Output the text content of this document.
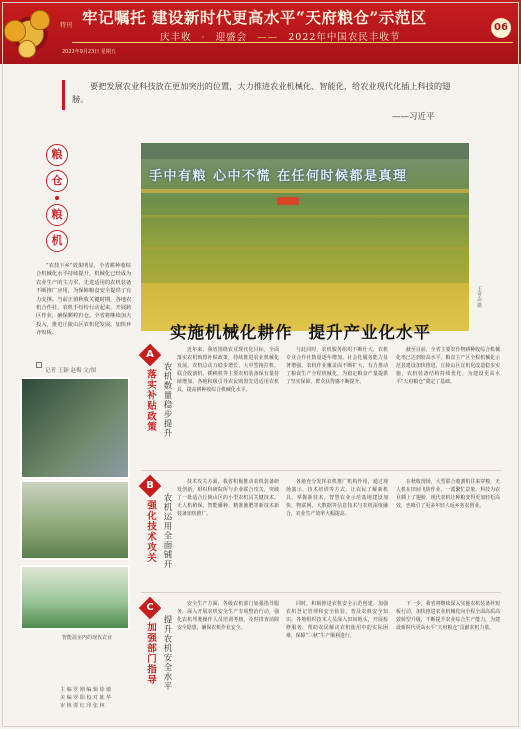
特刊 牢记嘱托 建设新时代更高水平“天府粮仓”示范区
庆丰收 · 迎盛会 —— 2022年中国农民丰收节
2022年9月23日 星期五
06
要把发展农业科技放在更加突出的位置，大力推进农业机械化、智能化，给农业现代化插上科技的翅膀。
——习近平
粮
仓
粮
机
“农技下乡”效果明显，全省耕种收综合机械化水平持续提升，机械化已经成为农业生产的主力军。先进适用的农机装备不断推广应用，为保障粮食安全提供了有力支撑。当前正值秋收关键时期，各地农机合作社、农机手纷纷行动起来，开展跨区作业，确保颗粒归仓。全省将继续加大投入，推进丘陵山区农机化发展，加快补齐短板。
记者 王颖 赵梅 文/图
手中有粮 心中不慌 在任何时候都是真理
王奇志 摄
实施机械化耕作 提升产业化水平
智能温室内的现代农业
A
落实补贴政策 农机数量稳步提升

近年来，我省围绕农业现代化目标，全面落实农机购置补贴政策，持续推进农业机械化发展。农机总动力稳步增长，大中型拖拉机、联合收割机、插秧机等主要农机装备保有量持续增加。各地积极引导农民购置先进适用农机具，提高耕种收综合机械化水平。

与此同时，农机服务组织不断壮大，农机专业合作社数量逐年增加，社会化服务能力显著增强。农机作业覆盖面不断扩大，有力推动了粮食生产全程机械化，为稳定粮食产量提供了坚实保障，群众获得感不断提升。

截至目前，全省主要农作物耕种收综合机械化率已达到较高水平。粮食主产区全程机械化示范县建设加快推进，丘陵山区宜机化改造稳步实施，农机装备结构持续优化，为建设更高水平“天府粮仓”奠定了基础。

B
强化技术攻关 农机运用全面铺开

技术攻关方面，我省积极推动农机装备研发创新，组织科研院所与企业联合攻关，突破了一批适合丘陵山区的小型农机具关键技术。无人机植保、智能播种、精准施肥等新技术新装备加快推广。

各地充分发挥农机推广机构作用，通过现场演示、技术培训等方式，让农民了解新机具、掌握新技术。智慧农业示范基地建设加快，物联网、大数据等信息技术与农机深度融合，农业生产效率大幅提高。

在秋收现场，大型联合收割机往来穿梭，无人机在田间飞防作业，一派繁忙景象。科技为农业插上了翅膀，现代农机让种粮变得更加轻松高效，也吸引了更多年轻人返乡务农创业。

C
加强部门指导 提升农机安全水平

安全生产方面，各级农机部门加强指导服务，深入开展农机安全生产专项整治行动，强化农机驾驶操作人员培训考核，及时排查消除安全隐患，确保农机作业安全。

同时，积极推进农机安全示范创建，加强农机登记管理和安全检验，普及农机安全知识。各地组织技术人员深入田间地头，开展检修服务，帮助农民解决农机使用中的实际困难，保障“三秋”生产顺利进行。

下一步，我省将继续深入实施农机装备补短板行动，加快推进农业机械化向全程全面高质高效转型升级，不断提升农业综合生产能力，为建设新时代更高水平“天府粮仓”贡献农机力量。

主 编 罗 刚 编 辑 徐 敏
美 编 罗 阳 校 对 陈 华
审 核 谭 红 印 张 林
